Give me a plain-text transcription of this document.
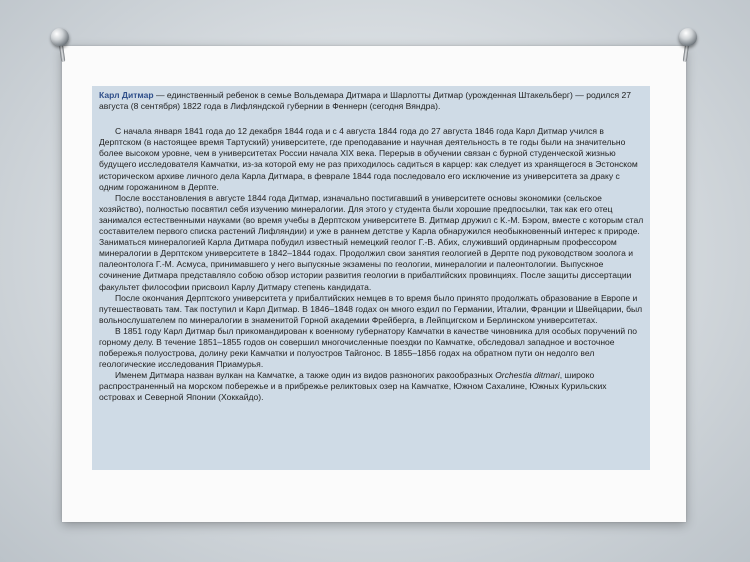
Карл Дитмар — единственный ребенок в семье Вольдемара Дитмара и Шарлотты Дитмар (урожденная Штакельберг) — родился 27 августа (8 сентября) 1822 года в Лифляндской губернии в Феннерн (сегодня Вяндра).

С начала января 1841 года до 12 декабря 1844 года и с 4 августа 1844 года до 27 августа 1846 года Карл Дитмар учился в Дерптском (в настоящее время Тартуский) университете, где преподавание и научная деятельность в те годы были на значительно более высоком уровне, чем в университетах России начала XIX века. Перерыв в обучении связан с бурной студенческой жизнью будущего исследователя Камчатки, из-за которой ему не раз приходилось садиться в карцер: как следует из хранящегося в Эстонском историческом архиве личного дела Карла Дитмара, в феврале 1844 года последовало его исключение из университета за драку с одним горожанином в Дерпте.

После восстановления в августе 1844 года Дитмар, изначально постигавший в университете основы экономики (сельское хозяйство), полностью посвятил себя изучению минералогии. Для этого у студента были хорошие предпосылки, так как его отец занимался естественными науками (во время учебы в Дерптском университете В. Дитмар дружил с К.-М. Бэром, вместе с которым стал составителем первого списка растений Лифляндии) и уже в раннем детстве у Карла обнаружился необыкновенный интерес к природе. Заниматься минералогией Карла Дитмара побудил известный немецкий геолог Г.-В. Абих, служивший ординарным профессором минералогии в Дерптском университете в 1842–1844 годах. Продолжил свои занятия геологией в Дерпте под руководством зоолога и палеонтолога Г.-М. Асмуса, принимавшего у него выпускные экзамены по геологии, минералогии и палеонтологии. Выпускное сочинение Дитмара представляло собою обзор истории развития геологии в прибалтийских провинциях. После защиты диссертации факультет философии присвоил Карлу Дитмару степень кандидата.

После окончания Дерптского университета у прибалтийских немцев в то время было принято продолжать образование в Европе и путешествовать там. Так поступил и Карл Дитмар. В 1846–1848 годах он много ездил по Германии, Италии, Франции и Швейцарии, был вольнослушателем по минералогии в знаменитой Горной академии Фрейберга, в Лейпцигском и Берлинском университетах.

В 1851 году Карл Дитмар был прикомандирован к военному губернатору Камчатки в качестве чиновника для особых поручений по горному делу. В течение 1851–1855 годов он совершил многочисленные поездки по Камчатке, обследовал западное и восточное побережья полуострова, долину реки Камчатки и полуостров Тайгонос. В 1855–1856 годах на обратном пути он недолго вел геологические исследования Приамурья.

Именем Дитмара назван вулкан на Камчатке, а также один из видов разноногих ракообразных Orchestia ditmari, широко распространенный на морском побережье и в прибрежье реликтовых озер на Камчатке, Южном Сахалине, Южных Курильских островах и Северной Японии (Хоккайдо).
